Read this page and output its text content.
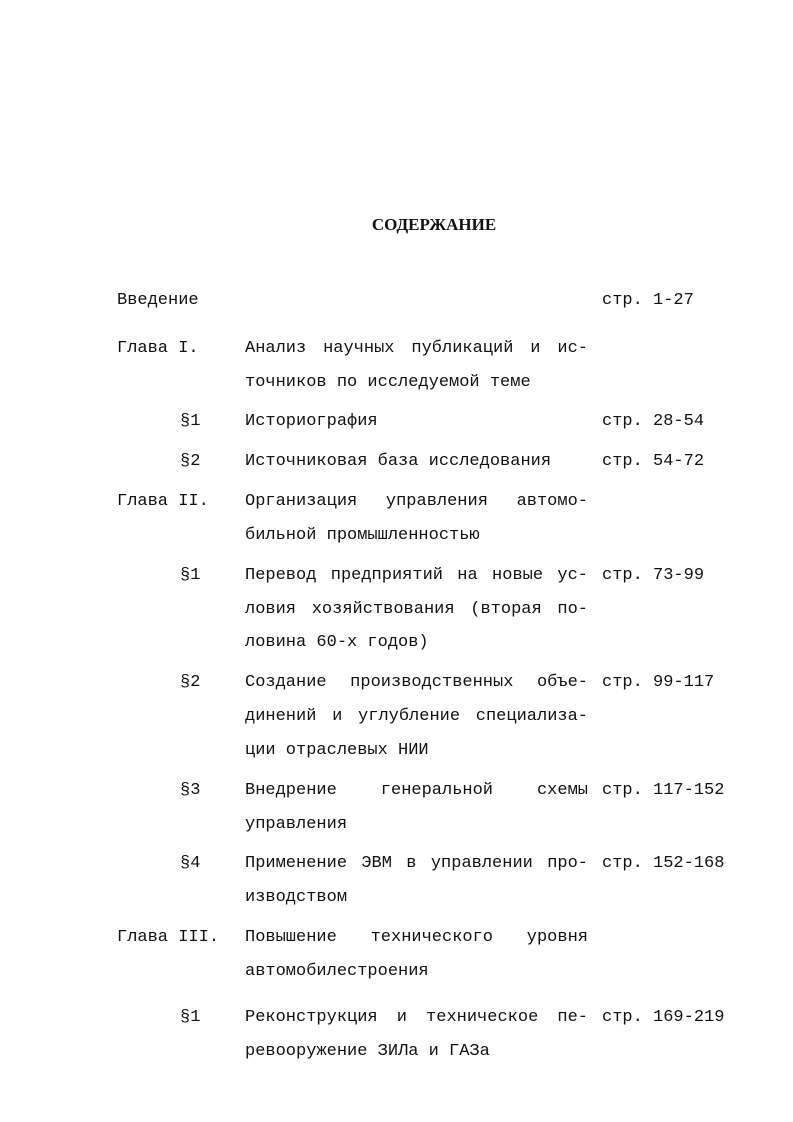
СОДЕРЖАНИЕ
Введение	стр. 1-27
Глава I.	Анализ научных публикаций и ис-
точников по исследуемой теме
§1	Историография	стр. 28-54
§2	Источниковая база исследования	стр. 54-72
Глава II. Организация управления автомо-
бильной промышленностью
§1	Перевод предприятий на новые ус-
ловия хозяйствования (вторая по-
ловина 60-х годов)
стр. 73-99
§2	Создание производственных объе-
динений и углубление специализа-
ции отраслевых НИИ
стр. 99-117
§3	Внедрение генеральной схемы
управления
стр. 117-152
§4	Применение ЭВМ в управлении про-
изводством
стр. 152-168
Глава III. Повышение технического уровня
автомобилестроения
§1	Реконструкция и техническое пе-
ревооружение ЗИЛа и ГАЗа
стр. 169-219
